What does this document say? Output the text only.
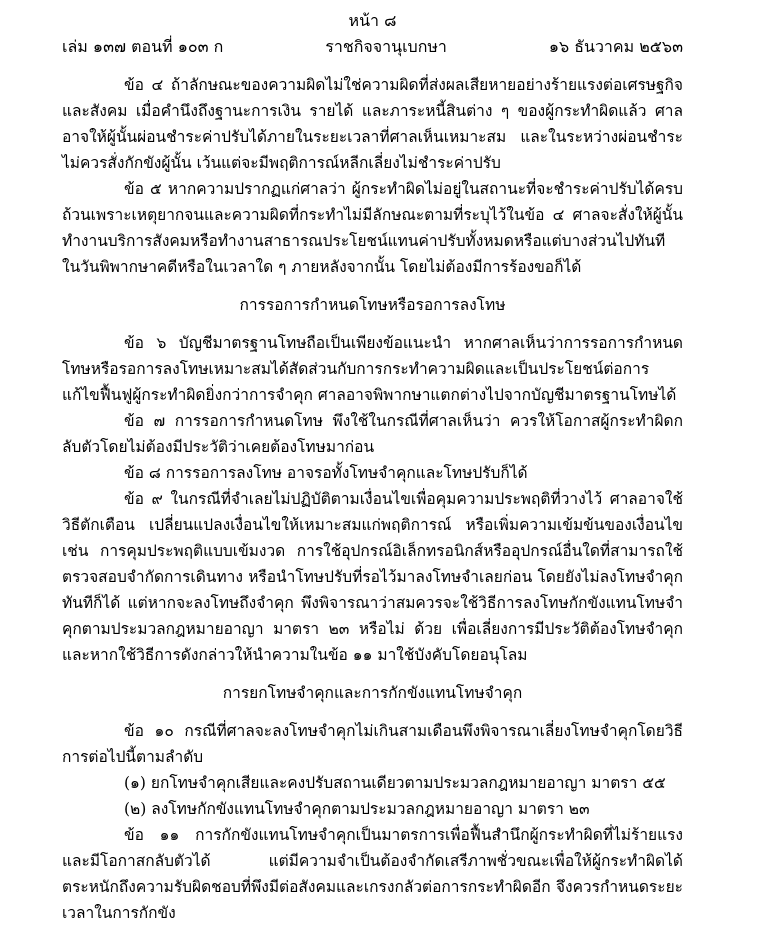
หน้า ๘
เล่ม ๑๓๗ ตอนที่ ๑๐๓ ก	ราชกิจจานุเบกษา	๑๖ ธันวาคม ๒๕๖๓

ข้อ ๔ ถ้าลักษณะของความผิดไม่ใช่ความผิดที่ส่งผลเสียหายอย่างร้ายแรงต่อเศรษฐกิจและสังคม เมื่อคำนึงถึงฐานะการเงิน รายได้ และภาระหนี้สินต่าง ๆ ของผู้กระทำผิดแล้ว ศาลอาจให้ผู้นั้นผ่อนชำระค่าปรับได้ภายในระยะเวลาที่ศาลเห็นเหมาะสม และในระหว่างผ่อนชำระไม่ควรสั่งกักขังผู้นั้น เว้นแต่จะมีพฤติการณ์หลีกเลี่ยงไม่ชำระค่าปรับ

ข้อ ๕ หากความปรากฏแก่ศาลว่า ผู้กระทำผิดไม่อยู่ในสถานะที่จะชำระค่าปรับได้ครบถ้วนเพราะเหตุยากจนและความผิดที่กระทำไม่มีลักษณะตามที่ระบุไว้ในข้อ ๔ ศาลจะสั่งให้ผู้นั้นทำงานบริการสังคมหรือทำงานสาธารณประโยชน์แทนค่าปรับทั้งหมดหรือแต่บางส่วนไปทันทีในวันพิพากษาคดีหรือในเวลาใด ๆ ภายหลังจากนั้น โดยไม่ต้องมีการร้องขอก็ได้

การรอการกำหนดโทษหรือรอการลงโทษ

ข้อ ๖ บัญชีมาตรฐานโทษถือเป็นเพียงข้อแนะนำ หากศาลเห็นว่าการรอการกำหนดโทษหรือรอการลงโทษเหมาะสมได้สัดส่วนกับการกระทำความผิดและเป็นประโยชน์ต่อการแก้ไขฟื้นฟูผู้กระทำผิดยิ่งกว่าการจำคุก ศาลอาจพิพากษาแตกต่างไปจากบัญชีมาตรฐานโทษได้

ข้อ ๗ การรอการกำหนดโทษ พึงใช้ในกรณีที่ศาลเห็นว่า ควรให้โอกาสผู้กระทำผิดกลับตัวโดยไม่ต้องมีประวัติว่าเคยต้องโทษมาก่อน

ข้อ ๘ การรอการลงโทษ อาจรอทั้งโทษจำคุกและโทษปรับก็ได้

ข้อ ๙ ในกรณีที่จำเลยไม่ปฏิบัติตามเงื่อนไขเพื่อคุมความประพฤติที่วางไว้ ศาลอาจใช้วิธีตักเตือน เปลี่ยนแปลงเงื่อนไขให้เหมาะสมแก่พฤติการณ์ หรือเพิ่มความเข้มข้นของเงื่อนไข เช่น การคุมประพฤติแบบเข้มงวด การใช้อุปกรณ์อิเล็กทรอนิกส์หรืออุปกรณ์อื่นใดที่สามารถใช้ตรวจสอบจำกัดการเดินทาง หรือนำโทษปรับที่รอไว้มาลงโทษจำเลยก่อน โดยยังไม่ลงโทษจำคุกทันทีก็ได้ แต่หากจะลงโทษถึงจำคุก พึงพิจารณาว่าสมควรจะใช้วิธีการลงโทษกักขังแทนโทษจำคุกตามประมวลกฎหมายอาญา มาตรา ๒๓ หรือไม่ ด้วย เพื่อเลี่ยงการมีประวัติต้องโทษจำคุก และหากใช้วิธีการดังกล่าวให้นำความในข้อ ๑๑ มาใช้บังคับโดยอนุโลม

การยกโทษจำคุกและการกักขังแทนโทษจำคุก

ข้อ ๑๐ กรณีที่ศาลจะลงโทษจำคุกไม่เกินสามเดือนพึงพิจารณาเลี่ยงโทษจำคุกโดยวิธีการต่อไปนี้ตามลำดับ

(๑) ยกโทษจำคุกเสียและคงปรับสถานเดียวตามประมวลกฎหมายอาญา มาตรา ๕๕

(๒) ลงโทษกักขังแทนโทษจำคุกตามประมวลกฎหมายอาญา มาตรา ๒๓

ข้อ ๑๑ การกักขังแทนโทษจำคุกเป็นมาตรการเพื่อฟื้นสำนึกผู้กระทำผิดที่ไม่ร้ายแรงและมีโอกาสกลับตัวได้ แต่มีความจำเป็นต้องจำกัดเสรีภาพชั่วขณะเพื่อให้ผู้กระทำผิดได้ตระหนักถึงความรับผิดชอบที่พึงมีต่อสังคมและเกรงกลัวต่อการกระทำผิดอีก จึงควรกำหนดระยะเวลาในการกักขัง
